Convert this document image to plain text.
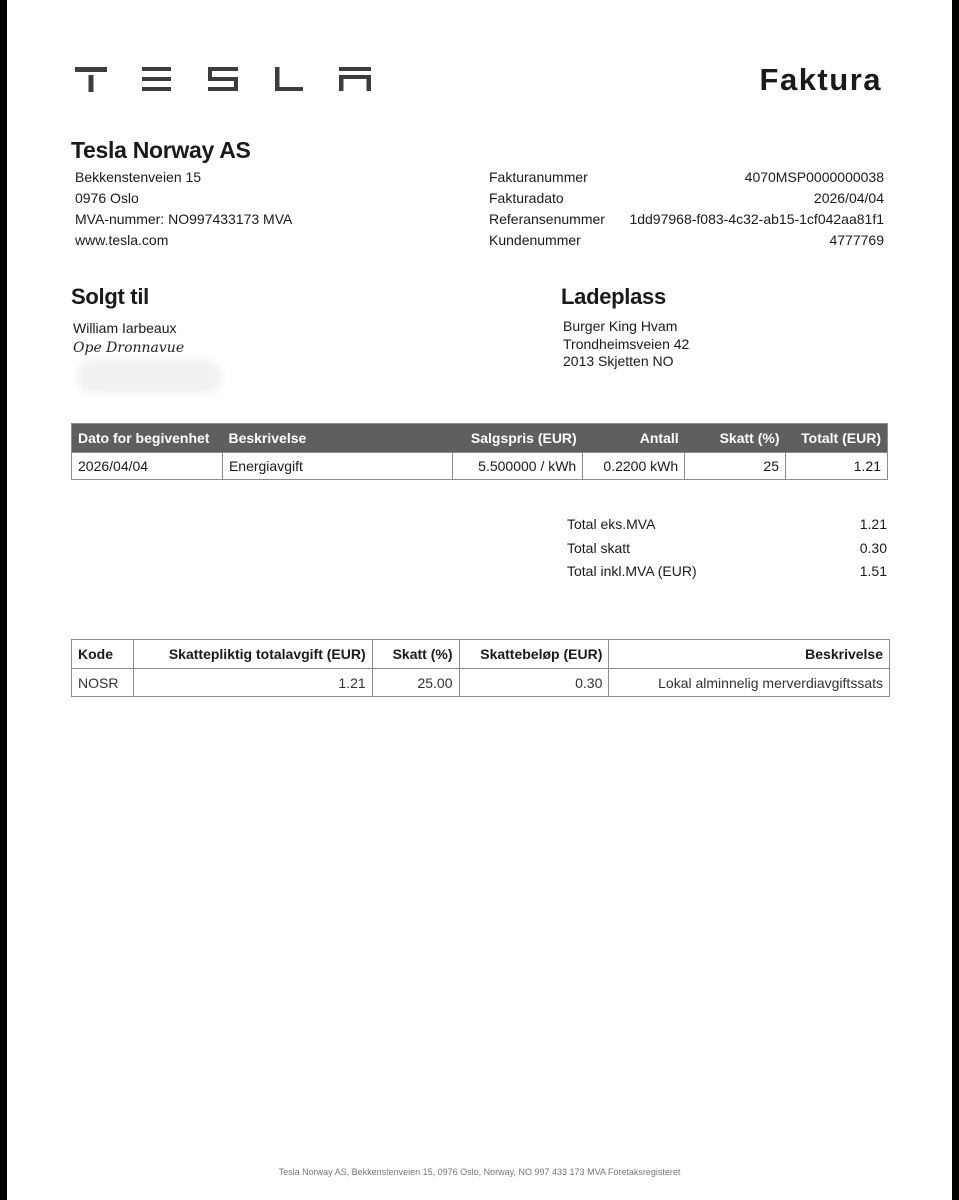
Faktura
Tesla Norway AS
Bekkenstenveien 15
0976 Oslo
MVA-nummer: NO997433173 MVA
www.tesla.com
Fakturanummer	4070MSP0000000038
Fakturadato	2026/04/04
Referansenummer 1dd97968-f083-4c32-ab15-1cf042aa81f1
Kundenummer	4777769
Solgt til
William Iarbeaux
Ope Dronnavue
Ladeplass
Burger King Hvam
Trondheimsveien 42
2013 Skjetten NO
Dato for begivenhet	Beskrivelse	Salgspris (EUR)	Antall	Skatt (%)	Totalt (EUR)
2026/04/04	Energiavgift	5.500000 / kWh	0.2200 kWh	25	1.21
Total eks.MVA	1.21
Total skatt	0.30
Total inkl.MVA (EUR)	1.51
Kode	Skattepliktig totalavgift (EUR)	Skatt (%)	Skattebeløp (EUR)	Beskrivelse
NOSR	1.21	25.00	0.30	Lokal alminnelig merverdiavgiftssats
Tesla Norway AS, Bekkenstenveien 15, 0976 Oslo, Norway, NO 997 433 173 MVA Foretaksregisteret
